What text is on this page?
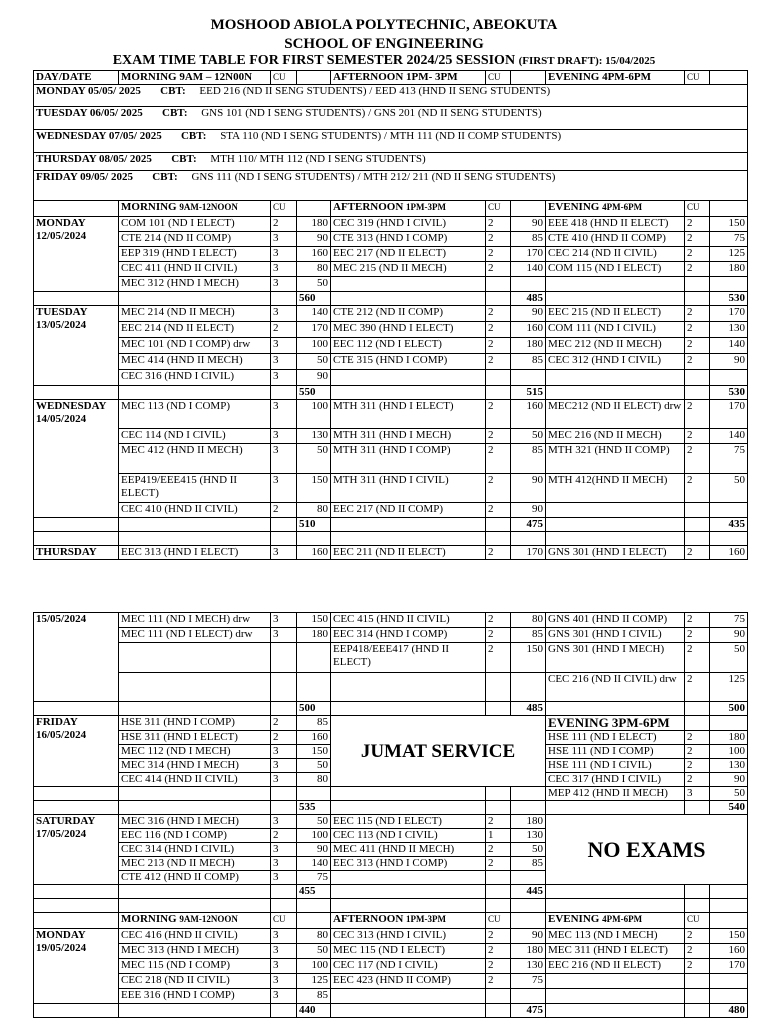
MOSHOOD ABIOLA POLYTECHNIC, ABEOKUTA
SCHOOL OF ENGINEERING
EXAM TIME TABLE FOR FIRST SEMESTER 2024/25 SESSION (FIRST DRAFT): 15/04/2025
DAY/DATE	MORNING 9AM – 12N00N	CU		AFTERNOON 1PM- 3PM	CU		EVENING 4PM-6PM	CU	
MONDAY 05/05/ 2025 CBT: EED 216 (ND II SENG STUDENTS) / EED 413 (HND II SENG STUDENTS)									
TUESDAY 06/05/ 2025 CBT: GNS 101 (ND I SENG STUDENTS) / GNS 201 (ND II SENG STUDENTS)									
WEDNESDAY 07/05/ 2025 CBT: STA 110 (ND I SENG STUDENTS) / MTH 111 (ND II COMP STUDENTS)									
THURSDAY 08/05/ 2025 CBT: MTH 110/ MTH 112 (ND I SENG STUDENTS)									
FRIDAY 09/05/ 2025 CBT: GNS 111 (ND I SENG STUDENTS) / MTH 212/ 211 (ND II SENG STUDENTS)									
	MORNING 9AM-12NOON	CU		AFTERNOON 1PM-3PM	CU		EVENING 4PM-6PM	CU	
MONDAY
12/05/2024	COM 101 (ND I ELECT)	2	180	CEC 319 (HND I CIVIL)	2	90	EEE 418 (HND II ELECT)	2	150
	CTE 214 (ND II COMP)	3	90	CTE 313 (HND I COMP)	2	85	CTE 410 (HND II COMP)	2	75
	EEP 319 (HND I ELECT)	3	160	EEC 217 (ND II ELECT)	2	170	CEC 214 (ND II CIVIL)	2	125
	CEC 411 (HND II CIVIL)	3	80	MEC 215 (ND II MECH)	2	140	COM 115 (ND I ELECT)	2	180
	MEC 312 (HND I MECH)	3	50						
			560			485			530
TUESDAY
13/05/2024	MEC 214 (ND II MECH)	3	140	CTE 212 (ND II COMP)	2	90	EEC 215 (ND II ELECT)	2	170
	EEC 214 (ND II ELECT)	2	170	MEC 390 (HND I ELECT)	2	160	COM 111 (ND I CIVIL)	2	130
	MEC 101 (ND I COMP) drw	3	100	EEC 112 (ND I ELECT)	2	180	MEC 212 (ND II MECH)	2	140
	MEC 414 (HND II MECH)	3	50	CTE 315 (HND I COMP)	2	85	CEC 312 (HND I CIVIL)	2	90
	CEC 316 (HND I CIVIL)	3	90						
			550			515			530
WEDNESDAY
14/05/2024	MEC 113 (ND I COMP)	3	100	MTH 311 (HND I ELECT)	2	160	MEC212 (ND II ELECT) drw	2	170
	CEC 114 (ND I CIVIL)	3	130	MTH 311 (HND I MECH)	2	50	MEC 216 (ND II MECH)	2	140
	MEC 412 (HND II MECH)	3	50	MTH 311 (HND I COMP)	2	85	MTH 321 (HND II COMP)	2	75
	EEP419/EEE415 (HND II ELECT)	3	150	MTH 311 (HND I CIVIL)	2	90	MTH 412(HND II MECH)	2	50
	CEC 410 (HND II CIVIL)	2	80	EEC 217 (ND II COMP)	2	90			
			510			475			435

THURSDAY	EEC 313 (HND I ELECT)	3	160	EEC 211 (ND II ELECT)	2	170	GNS 301 (HND I ELECT)	2	160
15/05/2024	MEC 111 (ND I MECH) drw	3	150	CEC 415 (HND II CIVIL)	2	80	GNS 401 (HND II COMP)	2	75
	MEC 111 (ND I ELECT) drw	3	180	EEC 314 (HND I COMP)	2	85	GNS 301 (HND I CIVIL)	2	90
				EEP418/EEE417 (HND II ELECT)	2	150	GNS 301 (HND I MECH)	2	50
							CEC 216 (ND II CIVIL) drw	2	125
			500			485			500
FRIDAY
16/05/2024	HSE 311 (HND I COMP)	2	85	JUMAT SERVICE			EVENING 3PM-6PM		
	HSE 311 (HND I ELECT)	2	160				HSE 111 (ND I ELECT)	2	180
	MEC 112 (ND I MECH)	3	150				HSE 111 (ND I COMP)	2	100
	MEC 314 (HND I MECH)	3	50				HSE 111 (ND I CIVIL)	2	130
	CEC 414 (HND II CIVIL)	3	80				CEC 317 (HND I CIVIL)	2	90
							MEP 412 (HND II MECH)	3	50
			535						540
SATURDAY
17/05/2024	MEC 316 (HND I MECH)	3	50	EEC 115 (ND I ELECT)	2	180	NO EXAMS		
	EEC 116 (ND I COMP)	2	100	CEC 113 (ND I CIVIL)	1	130			
	CEC 314 (HND I CIVIL)	3	90	MEC 411 (HND II MECH)	2	50			
	MEC 213 (ND II MECH)	3	140	EEC 313 (HND I COMP)	2	85			
	CTE 412 (HND II COMP)	3	75						
			455			445			

	MORNING 9AM-12NOON	CU		AFTERNOON 1PM-3PM	CU		EVENING 4PM-6PM	CU	
MONDAY
19/05/2024	CEC 416 (HND II CIVIL)	3	80	CEC 313 (HND I CIVIL)	2	90	MEC 113 (ND I MECH)	2	150
	MEC 313 (HND I MECH)	3	50	MEC 115 (ND I ELECT)	2	180	MEC 311 (HND I ELECT)	2	160
	MEC 115 (ND I COMP)	3	100	CEC 117 (ND I CIVIL)	2	130	EEC 216 (ND II ELECT)	2	170
	CEC 218 (ND II CIVIL)	3	125	EEC 423 (HND II COMP)	2	75			
	EEE 316 (HND I COMP)	3	85						
			440			475			480
